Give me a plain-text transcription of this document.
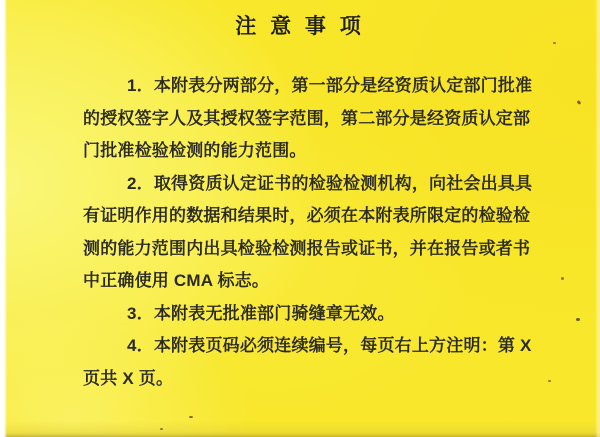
注 意 事 项
1．本附表分两部分，第一部分是经资质认定部门批准
的授权签字人及其授权签字范围，第二部分是经资质认定部
门批准检验检测的能力范围。
2．取得资质认定证书的检验检测机构，向社会出具具
有证明作用的数据和结果时，必须在本附表所限定的检验检
测的能力范围内出具检验检测报告或证书，并在报告或者书
中正确使用 CMA 标志。
3．本附表无批准部门骑缝章无效。
4．本附表页码必须连续编号，每页右上方注明：第 X
页共 X 页。
